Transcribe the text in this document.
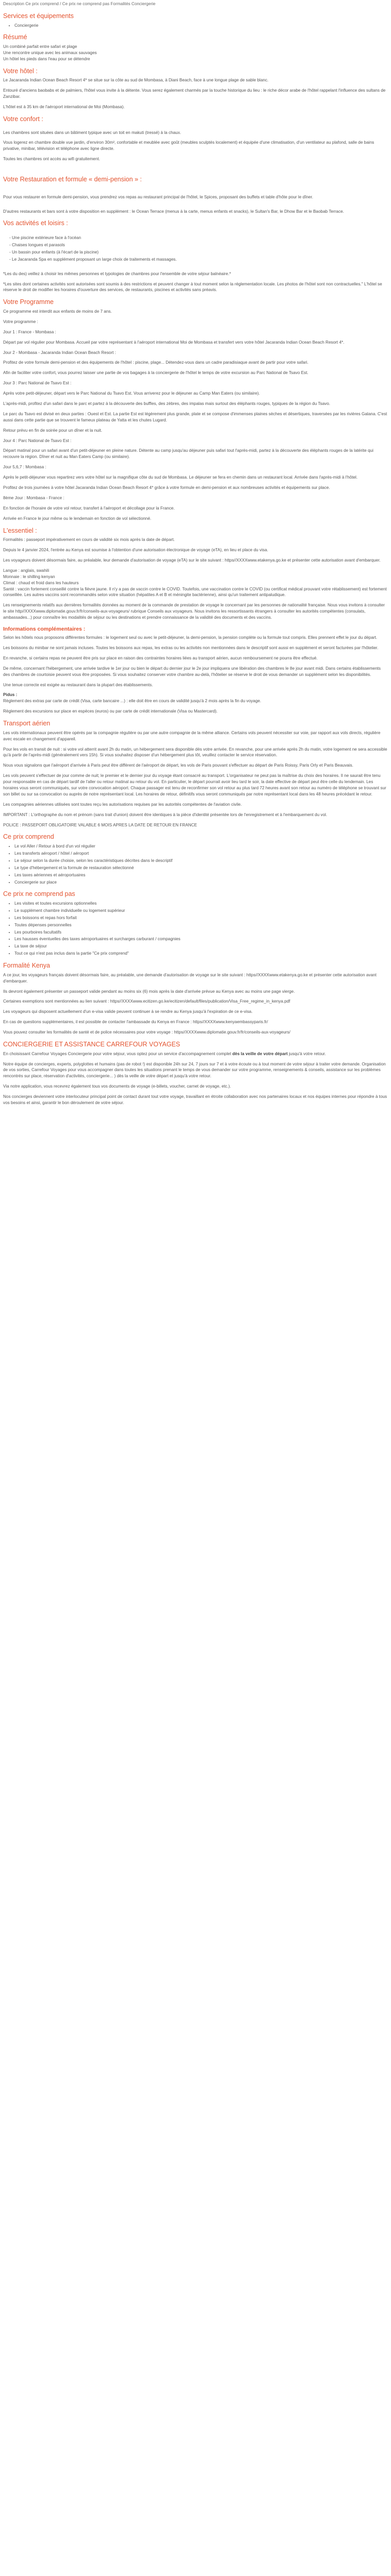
Description Ce prix comprend / Ce prix ne comprend pas Formalités Conciergerie
Services et équipements
• Conciergerie
Résumé
Un combiné parfait entre safari et plage
Une rencontre unique avec les animaux sauvages
Un hôtel les pieds dans l'eau pour se détendre
Votre hôtel :

Le Jacaranda Indian Ocean Beach Resort 4* se situe sur la côte au sud de Mombasa, à Diani Beach, face à une longue plage de sable blanc.

Entouré d'anciens baobabs et de palmiers, l'hôtel vous invite à la détente. Vous serez également charmés par la touche historique du lieu : le riche décor arabe de l'hôtel rappelant l'influence des sultans de Zanzibar.

L'hôtel est à 35 km de l'aéroport international de Moi (Mombasa).

Votre confort :

Les chambres sont situées dans un bâtiment typique avec un toit en makuti (tressé) à la chaux.

Vous logerez en chambre double vue jardin, d'environ 30m², confortable et meublée avec goût (meubles sculptés localement) et équipée d'une climatisation, d'un ventilateur au plafond, salle de bains privative, minibar, télévision et téléphone avec ligne directe.

Toutes les chambres ont accès au wifi gratuitement.

Votre Restauration et formule « demi-pension » :

Pour vous restaurer en formule demi-pension, vous prendrez vos repas au restaurant principal de l'hôtel, le Spices, proposant des buffets et table d'hôte pour le dîner.

D'autres restaurants et bars sont à votre disposition en supplément : le Ocean Terrace (menus à la carte, menus enfants et snacks), le Sultan's Bar, le Dhow Bar et le Baobab Terrace.

Vos activités et loisirs :
- Une piscine extérieure face à l'océan
- Chaises longues et parasols
- Un bassin pour enfants (à l'écart de la piscine)
- Le Jacaranda Spa en supplément proposant un large choix de traitements et massages.

*Les du des) veillez à choisir les mêmes personnes et typologies de chambres pour l'ensemble de votre séjour balnéaire.*

*Les sites dont certaines activités sont autorisées sont soumis à des restrictions et peuvent changer à tout moment selon la réglementation locale. Les photos de l'hôtel sont non contractuelles." L'hôtel se réserve le droit de modifier les horaires d'ouverture des services, de restaurants, piscines et activités sans préavis.

Votre Programme

Ce programme est interdit aux enfants de moins de 7 ans.

Votre programme :

Jour 1 : France - Mombasa :

Départ par vol régulier pour Mombasa. Accueil par votre représentant à l'aéroport international Moi de Mombasa et transfert vers votre hôtel Jacaranda Indian Ocean Beach Resort 4*.

Jour 2 - Mombasa - Jacaranda Indian Ocean Beach Resort :

Profitez de votre formule demi-pension et des équipements de l'hôtel : piscine, plage... Détendez-vous dans un cadre paradisiaque avant de partir pour votre safari.

Afin de faciliter votre confort, vous pourrez laisser une partie de vos bagages à la conciergerie de l'hôtel le temps de votre excursion au Parc National de Tsavo Est.

Jour 3 : Parc National de Tsavo Est :

Après votre petit-déjeuner, départ vers le Parc National du Tsavo Est. Vous arriverez pour le déjeuner au Camp Man Eaters (ou similaire).

L'après-midi, profitez d'un safari dans le parc et partez à la découverte des buffles, des zèbres, des impalas mais surtout des éléphants rouges, typiques de la région du Tsavo.

Le parc du Tsavo est divisé en deux parties : Ouest et Est. La partie Est est légèrement plus grande, plate et se compose d'immenses plaines sèches et désertiques, traversées par les rivières Galana. C'est aussi dans cette partie que se trouvent le fameux plateau de Yatta et les chutes Lugard.

Retour prévu en fin de soirée pour un dîner et la nuit.

Jour 4 : Parc National de Tsavo Est :

Départ matinal pour un safari avant d'un petit-déjeuner en pleine nature. Détente au camp jusqu'au déjeuner puis safari tout l'après-midi, partez à la découverte des éléphants rouges de la latérite qui recouvre la région. Dîner et nuit au Man Eaters Camp (ou similaire).

Jour 5,6,7 : Mombasa :

Après le petit-déjeuner vous repartirez vers votre hôtel sur la magnifique côte du sud de Mombasa. Le déjeuner se fera en chemin dans un restaurant local. Arrivée dans l'après-midi à l'hôtel.

Profitez de trois journées à votre hôtel Jacaranda Indian Ocean Beach Resort 4* grâce à votre formule en demi-pension et aux nombreuses activités et équipements sur place.

8ème Jour : Mombasa - France :

En fonction de l'horaire de votre vol retour, transfert à l'aéroport et décollage pour la France.

Arrivée en France le jour même ou le lendemain en fonction de vol sélectionné.

L'essentiel :

Formalités : passeport impérativement en cours de validité six mois après la date de départ.

Depuis le 4 janvier 2024, l'entrée au Kenya est soumise à l'obtention d'une autorisation électronique de voyage (eTA), en lieu et place du visa.

Les voyageurs doivent désormais faire, au préalable, leur demande d'autorisation de voyage (eTA) sur le site suivant : https//XXXXwww.etakenya.go.ke et présenter cette autorisation avant d'embarquer.

Langue : anglais, swahili
Monnaie : le shilling kenyan
Climat : chaud et froid dans les hauteurs

Santé : vaccin fortement conseillé contre la fièvre jaune. Il n'y a pas de vaccin contre le COVID. Toutefois, une vaccination contre le COVID (ou certificat médical prouvant votre rétablissement) est fortement conseillée. Les autres vaccins sont recommandés selon votre situation (hépatites A et B et méningite bactérienne), ainsi qu'un traitement antipaludique.

Les renseignements relatifs aux dernières formalités données au moment de la commande de prestation de voyage le concernant par les personnes de nationalité française. Nous vous invitons à consulter le site http//XXXXwww.diplomatie.gouv.fr/fr/conseils-aux-voyageurs/ rubrique Conseils aux voyageurs. Nous invitons les ressortissants étrangers à consulter les autorités compétentes (consulats, ambassades...) pour connaître les modalités de séjour ou les destinations et prendre connaissance de la validité des documents et des vaccins.

Informations complémentaires :

Selon les hôtels nous proposons différentes formules : le logement seul ou avec le petit-déjeuner, la demi-pension, la pension complète ou la formule tout compris. Elles prennent effet le jour du départ.

Les boissons du minibar ne sont jamais incluses. Toutes les boissons aux repas, les extras ou les activités non mentionnées dans le descriptif sont aussi en supplément et seront facturées par l'hôtelier.

En revanche, si certains repas ne peuvent être pris sur place en raison des contraintes horaires liées au transport aérien, aucun remboursement ne pourra être effectué.

De même, concernant l'hébergement, une arrivée tardive le 1er jour ou bien le départ du dernier jour le 2e jour impliquera une libération des chambres le 8e jour avant midi. Dans certains établissements des chambres de courtoisie peuvent vous être proposées. Si vous souhaitez conserver votre chambre au-delà, l'hôtelier se réserve le droit de vous demander un supplément selon les disponibilités.

Une tenue correcte est exigée au restaurant dans la plupart des établissements.

Pidus :

Règlement des extras par carte de crédit (Visa, carte bancaire ...) : elle doit être en cours de validité jusqu'à 2 mois après la fin du voyage.

Règlement des excursions sur place en espèces (euros) ou par carte de crédit internationale (Visa ou Mastercard).

Transport aérien

Les vols internationaux peuvent être opérés par la compagnie régulière ou par une autre compagnie de la même alliance. Certains vols peuvent nécessiter sur voie, par rapport aux vols directs, régulière avec escale en changement d'appareil.

Pour les vols en transit de nuit : si votre vol atterrit avant 2h du matin, un hébergement sera disponible dès votre arrivée. En revanche, pour une arrivée après 2h du matin, votre logement ne sera accessible qu'à partir de l'après-midi (généralement vers 15h). Si vous souhaitez disposer d'un hébergement plus tôt, veuillez contacter le service réservation.

Nous vous signalons que l'aéroport d'arrivée à Paris peut être différent de l'aéroport de départ, les vols de Paris pouvant s'effectuer au départ de Paris Roissy, Paris Orly et Paris Beauvais.

Les vols peuvent s'effectuer de jour comme de nuit; le premier et le dernier jour du voyage étant consacré au transport. L'organisateur ne peut pas la maîtrise du choix des horaires. Il ne saurait être tenu pour responsable en cas de départ tardif de l'aller ou retour matinal au retour du vol. En particulier, le départ pourrait avoir lieu tard le soir, la date effective de départ peut être celle du lendemain. Les horaires vous seront communiqués, sur votre convocation aéroport. Chaque passager est tenu de reconfirmer son vol retour au plus tard 72 heures avant son retour au numéro de téléphone se trouvant sur son billet ou sur sa convocation ou auprès de notre représentant local. Les horaires de retour, définitifs vous seront communiqués par notre représentant local dans les 48 heures précédant le retour.

Les compagnies aériennes utilisées sont toutes reçu les autorisations requises par les autorités compétentes de l'aviation civile.

IMPORTANT : L'orthographe du nom et prénom (sans trait d'union) doivent être identiques à la pièce d'identité présentée lors de l'enregistrement et à l'embarquement du vol.

POLICE : PASSEPORT OBLIGATOIRE VALABLE 6 MOIS APRES LA DATE DE RETOUR EN FRANCE

Ce prix comprend
• Le vol Aller / Retour à bord d'un vol régulier
• Les transferts aéroport / hôtel / aéroport
• Le séjour selon la durée choisie, selon les caractéristiques décrites dans le descriptif
• Le type d'hébergement et la formule de restauration sélectionné
• Les taxes aériennes et aéroportuaires
• Conciergerie sur place
Ce prix ne comprend pas
• Les visites et toutes excursions optionnelles
• Le supplément chambre individuelle ou logement supérieur
• Les boissons et repas hors forfait
• Toutes dépenses personnelles
• Les pourboires facultatifs
• Les hausses éventuelles des taxes aéroportuaires et surcharges carburant / compagnies
• La taxe de séjour
• Tout ce qui n'est pas inclus dans la partie "Ce prix comprend"
Formalité Kenya

A ce jour, les voyageurs français doivent désormais faire, au préalable, une demande d'autorisation de voyage sur le site suivant : https//XXXXwww.etakenya.go.ke et présenter cette autorisation avant d'embarquer.

Ils devront également présenter un passeport valide pendant au moins six (6) mois après la date d'arrivée prévue au Kenya avec au moins une page vierge.

Certaines exemptions sont mentionnées au lien suivant : https//XXXXwww.ecitizen.go.ke/ecitizen/default/files/publication/Visa_Free_regime_in_kenya.pdf

Les voyageurs qui disposent actuellement d'un e-visa valide peuvent continuer à se rendre au Kenya jusqu'à l'expiration de ce e-visa.

En cas de questions supplémentaires, il est possible de contacter l'ambassade du Kenya en France : https//XXXXwww.kenyaembassyparis.fr/

Vous pouvez consulter les formalités de santé et de police nécessaires pour votre voyage : https//XXXXwww.diplomatie.gouv.fr/fr/conseils-aux-voyageurs/

CONCIERGERIE ET ASSISTANCE CARREFOUR VOYAGES

En choisissant Carrefour Voyages Conciergerie pour votre séjour, vous optez pour un service d'accompagnement complet dès la veille de votre départ jusqu'à votre retour.

Notre équipe de concierges, experts, polyglottes et humains (pas de robot !) est disponible 24h sur 24, 7 jours sur 7 et à votre écoute ou à tout moment de votre séjour à traiter votre demande. Organisation de vos sorties, Carrefour Voyages pour vous accompagner dans toutes les situations prenant le temps de vous demander sur votre programme, renseignements & conseils, assistance sur les problèmes rencontrés sur place, réservation d'activités, conciergerie... ) dès la veille de votre départ et jusqu'à votre retour.

Via notre application, vous recevrez également tous vos documents de voyage (e-billets, voucher, carnet de voyage, etc.).

Nos concierges deviennent votre interlocuteur principal point de contact durant tout votre voyage, travaillant en étroite collaboration avec nos partenaires locaux et nos équipes internes pour répondre à tous vos besoins et ainsi, garantir le bon déroulement de votre séjour.
